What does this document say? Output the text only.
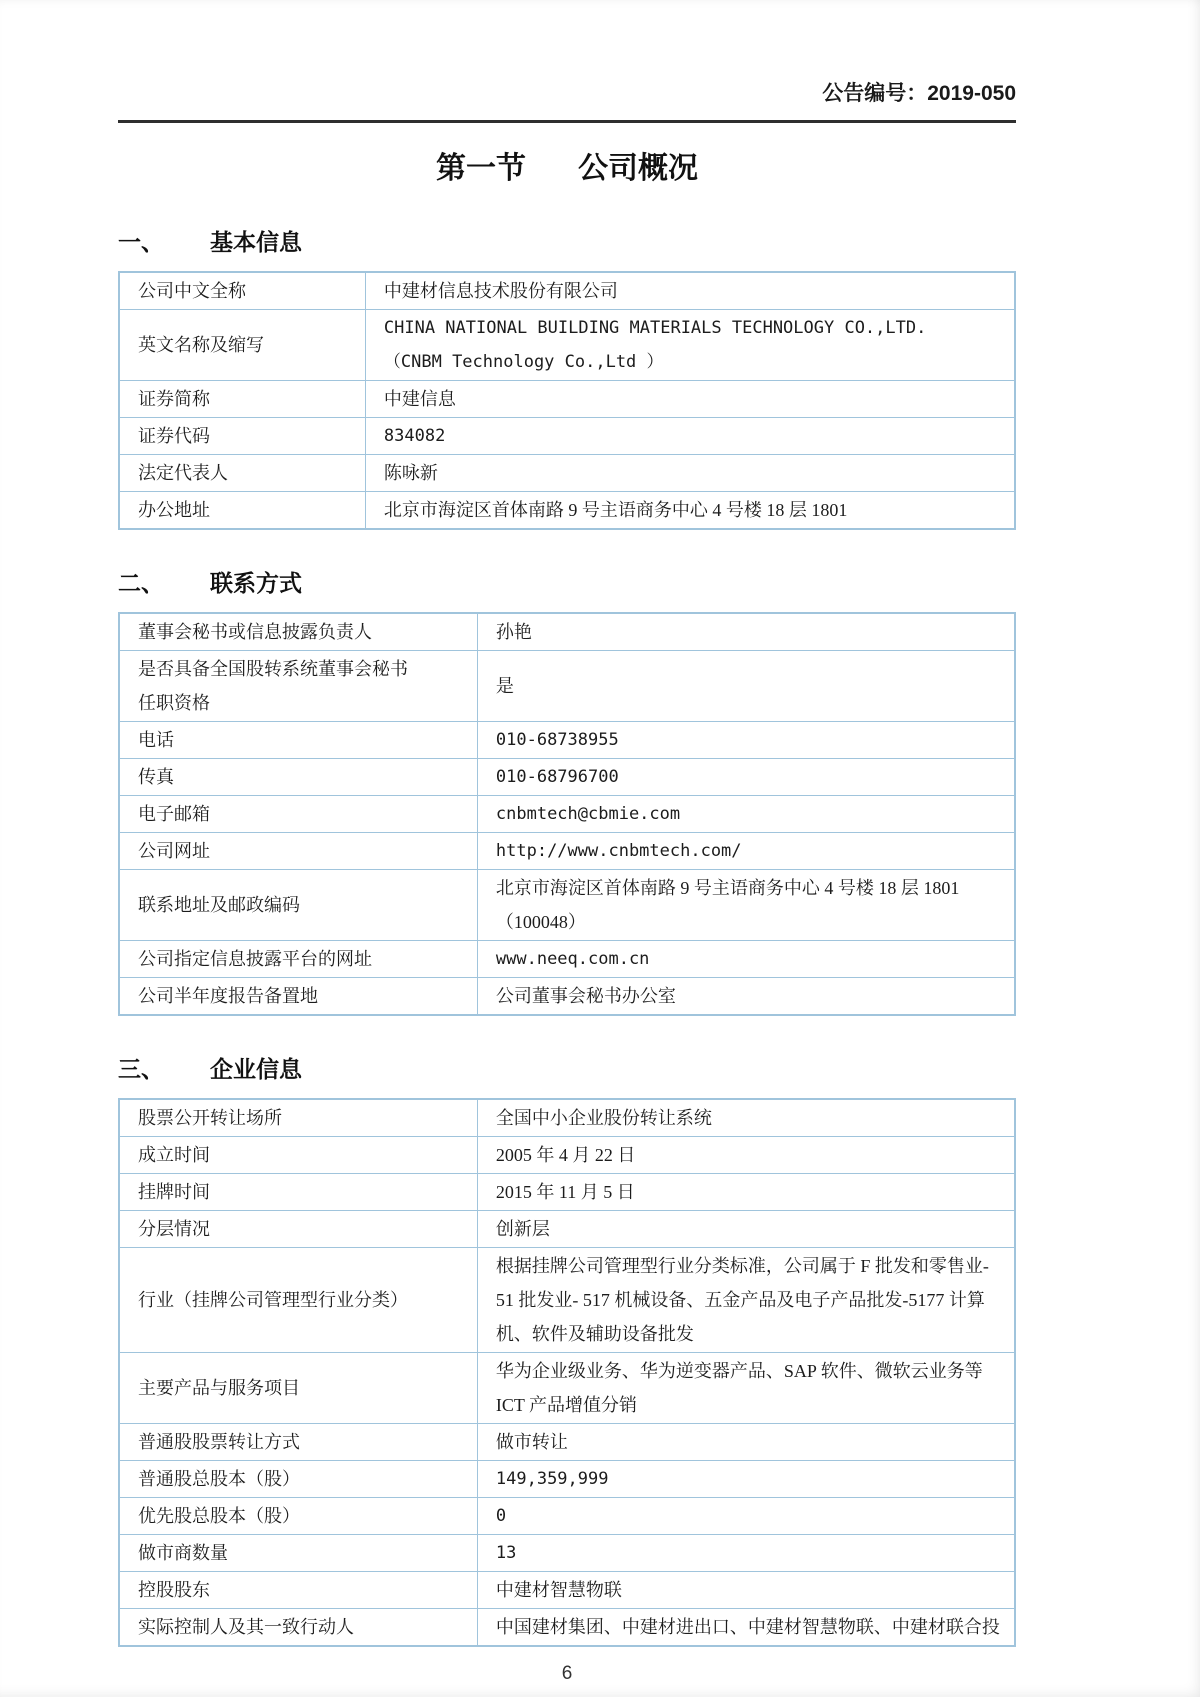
公告编号：2019-050
第一节 公司概况
一、 基本信息
公司中文全称	中建材信息技术股份有限公司

英文名称及缩写	CHINA NATIONAL BUILDING MATERIALS TECHNOLOGY CO.,LTD.
（CNBM Technology Co.,Ltd ）

证券简称	中建信息

证券代码	834082

法定代表人	陈咏新

办公地址	北京市海淀区首体南路 9 号主语商务中心 4 号楼 18 层 1801
二、 联系方式
董事会秘书或信息披露负责人	孙艳

是否具备全国股转系统董事会秘书
任职资格	是

电话	010-68738955

传真	010-68796700

电子邮箱	cnbmtech@cbmie.com

公司网址	http://www.cnbmtech.com/

联系地址及邮政编码	北京市海淀区首体南路 9 号主语商务中心 4 号楼 18 层 1801
（100048）

公司指定信息披露平台的网址	www.neeq.com.cn

公司半年度报告备置地	公司董事会秘书办公室
三、 企业信息
股票公开转让场所	全国中小企业股份转让系统

成立时间	2005 年 4 月 22 日

挂牌时间	2015 年 11 月 5 日

分层情况	创新层

行业（挂牌公司管理型行业分类）	根据挂牌公司管理型行业分类标准，公司属于 F 批发和零售业-
51 批发业- 517 机械设备、五金产品及电子产品批发-5177 计算
机、软件及辅助设备批发

主要产品与服务项目	华为企业级业务、华为逆变器产品、SAP 软件、微软云业务等
ICT 产品增值分销

普通股股票转让方式	做市转让

普通股总股本（股）	149,359,999

优先股总股本（股）	0

做市商数量	13

控股股东	中建材智慧物联

实际控制人及其一致行动人	中国建材集团、中建材进出口、中建材智慧物联、中建材联合投
6
